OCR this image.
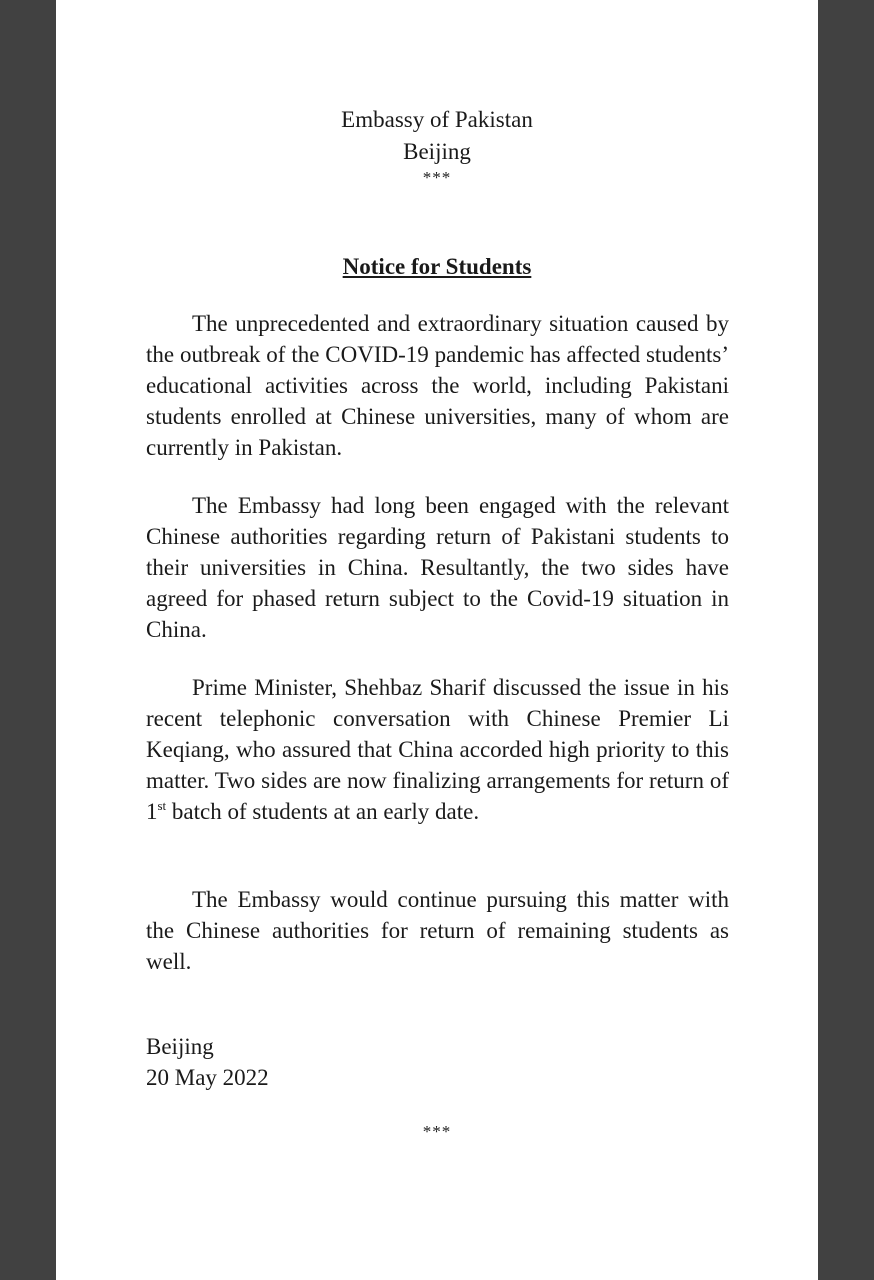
Embassy of Pakistan
Beijing
***
Notice for Students

The unprecedented and extraordinary situation caused by the outbreak of the COVID-19 pandemic has affected students’ educational activities across the world, including Pakistani students enrolled at Chinese universities, many of whom are currently in Pakistan.

The Embassy had long been engaged with the relevant Chinese authorities regarding return of Pakistani students to their universities in China. Resultantly, the two sides have agreed for phased return subject to the Covid-19 situation in China.

Prime Minister, Shehbaz Sharif discussed the issue in his recent telephonic conversation with Chinese Premier Li Keqiang, who assured that China accorded high priority to this matter. Two sides are now finalizing arrangements for return of 1st batch of students at an early date.

The Embassy would continue pursuing this matter with the Chinese authorities for return of remaining students as well.

Beijing
20 May 2022
***
